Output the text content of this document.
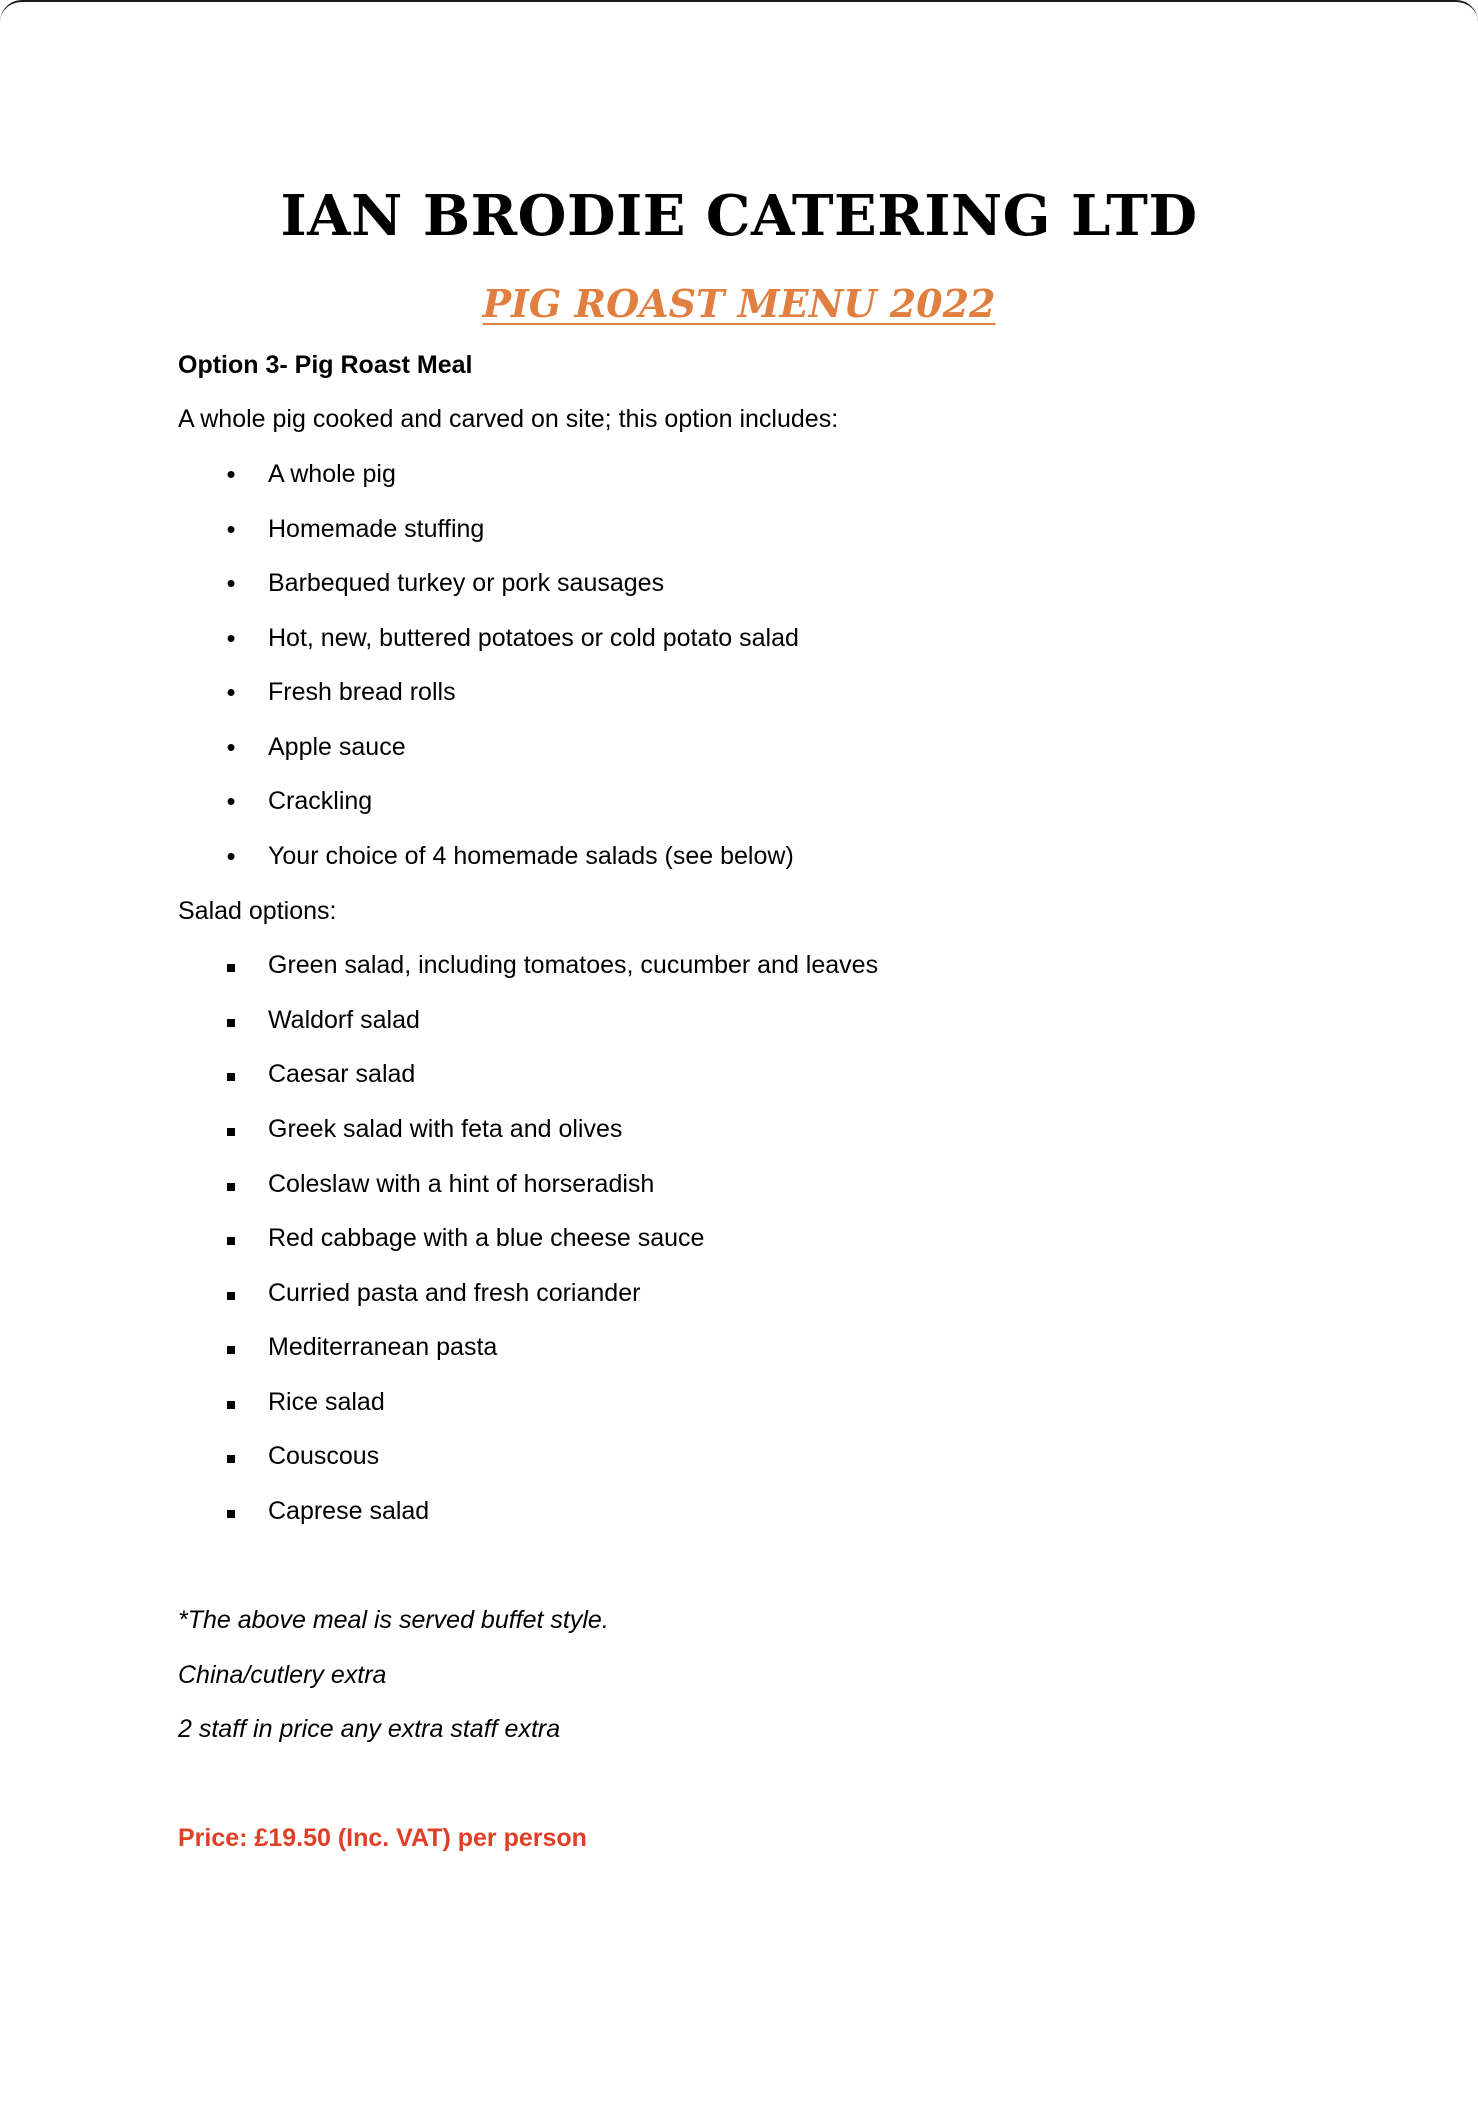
IAN BRODIE CATERING LTD
PIG ROAST MENU 2022
Option 3- Pig Roast Meal
A whole pig cooked and carved on site; this option includes:
•
A whole pig
•
Homemade stuffing
•
Barbequed turkey or pork sausages
•
Hot, new, buttered potatoes or cold potato salad
•
Fresh bread rolls
•
Apple sauce
•
Crackling
•
Your choice of 4 homemade salads (see below)
Salad options:
Green salad, including tomatoes, cucumber and leaves
Waldorf salad
Caesar salad
Greek salad with feta and olives
Coleslaw with a hint of horseradish
Red cabbage with a blue cheese sauce
Curried pasta and fresh coriander
Mediterranean pasta
Rice salad
Couscous
Caprese salad
*The above meal is served buffet style.
China/cutlery extra
2 staff in price any extra staff extra
Price: £19.50 (Inc. VAT) per person
